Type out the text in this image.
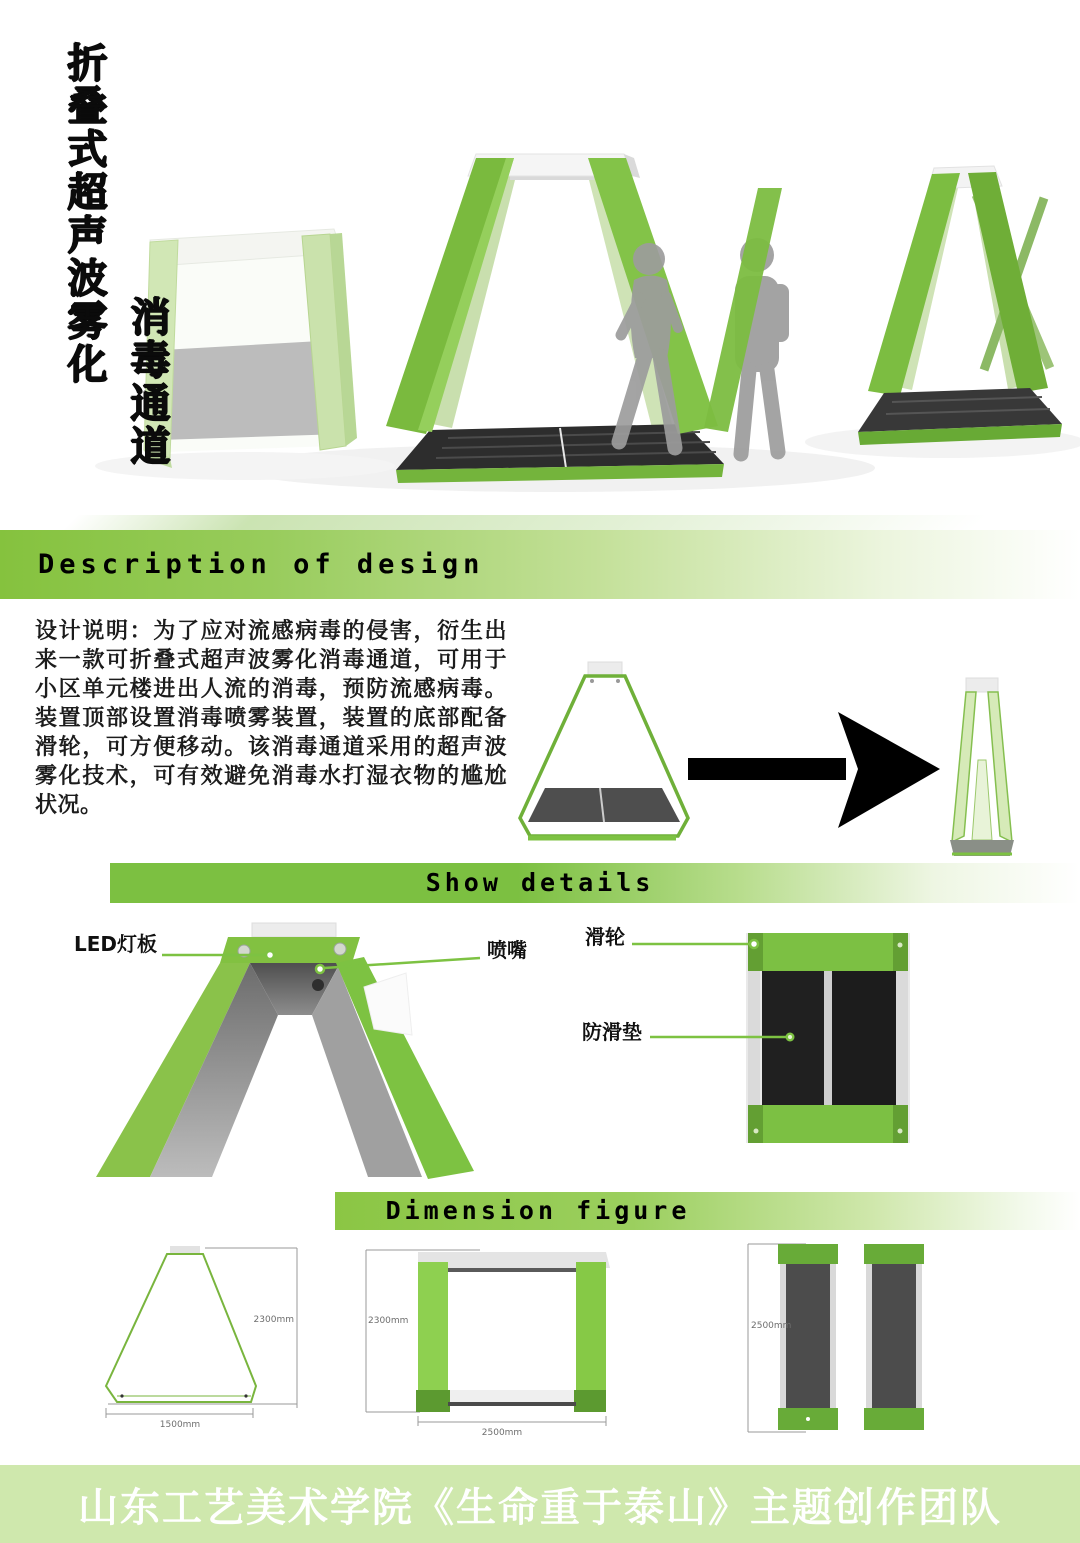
折叠式超声波雾化 消毒通道
Description of design
设计说明：为了应对流感病毒的侵害，衍生出来一款可折叠式超声波雾化消毒通道，可用于小区单元楼进出人流的消毒，预防流感病毒。装置顶部设置消毒喷雾装置，装置的底部配备滑轮，可方便移动。该消毒通道采用的超声波雾化技术，可有效避免消毒水打湿衣物的尴尬状况。
Show details
LED灯板	喷嘴
滑轮
防滑垫
Dimension figure
2300mm
1500mm
2300mm
2500mm
2500mm
山东工艺美术学院《生命重于泰山》主题创作团队
